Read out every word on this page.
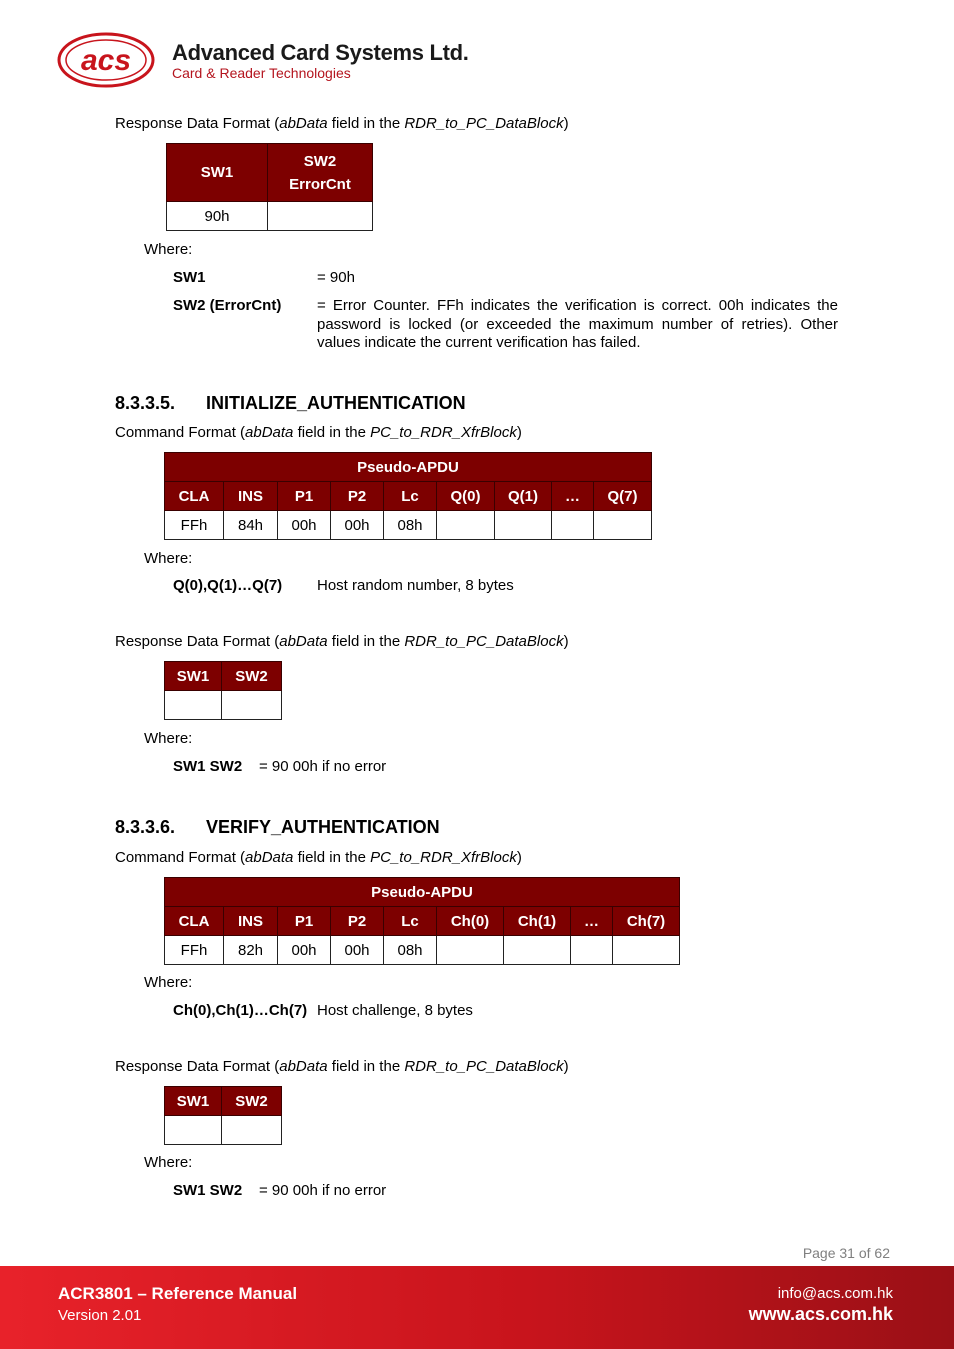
acs Advanced Card Systems Ltd.
Card & Reader Technologies
Response Data Format (abData field in the RDR_to_PC_DataBlock)
SW1	SW2
ErrorCnt
90h	
Where:
SW1	= 90h
SW2 (ErrorCnt) = Error Counter. FFh indicates the verification is correct. 00h indicates the password is locked (or exceeded the maximum number of retries). Other values indicate the current verification has failed.
8.3.3.5. INITIALIZE_AUTHENTICATION
Command Format (abData field in the PC_to_RDR_XfrBlock)
Pseudo-APDU								
CLA	INS	P1	P2	Lc	Q(0)	Q(1)	…	Q(7)
FFh	84h	00h	00h	08h				
Where:
Q(0),Q(1)…Q(7) Host random number, 8 bytes
Response Data Format (abData field in the RDR_to_PC_DataBlock)
SW1	SW2

Where:
SW1 SW2 = 90 00h if no error
8.3.3.6. VERIFY_AUTHENTICATION
Command Format (abData field in the PC_to_RDR_XfrBlock)
Pseudo-APDU								
CLA	INS	P1	P2	Lc	Ch(0)	Ch(1)	…	Ch(7)
FFh	82h	00h	00h	08h				
Where:
Ch(0),Ch(1)…Ch(7) Host challenge, 8 bytes
Response Data Format (abData field in the RDR_to_PC_DataBlock)
SW1	SW2

Where:
SW1 SW2 = 90 00h if no error
Page 31 of 62
ACR3801 – Reference Manual
Version 2.01
info@acs.com.hk
www.acs.com.hk
